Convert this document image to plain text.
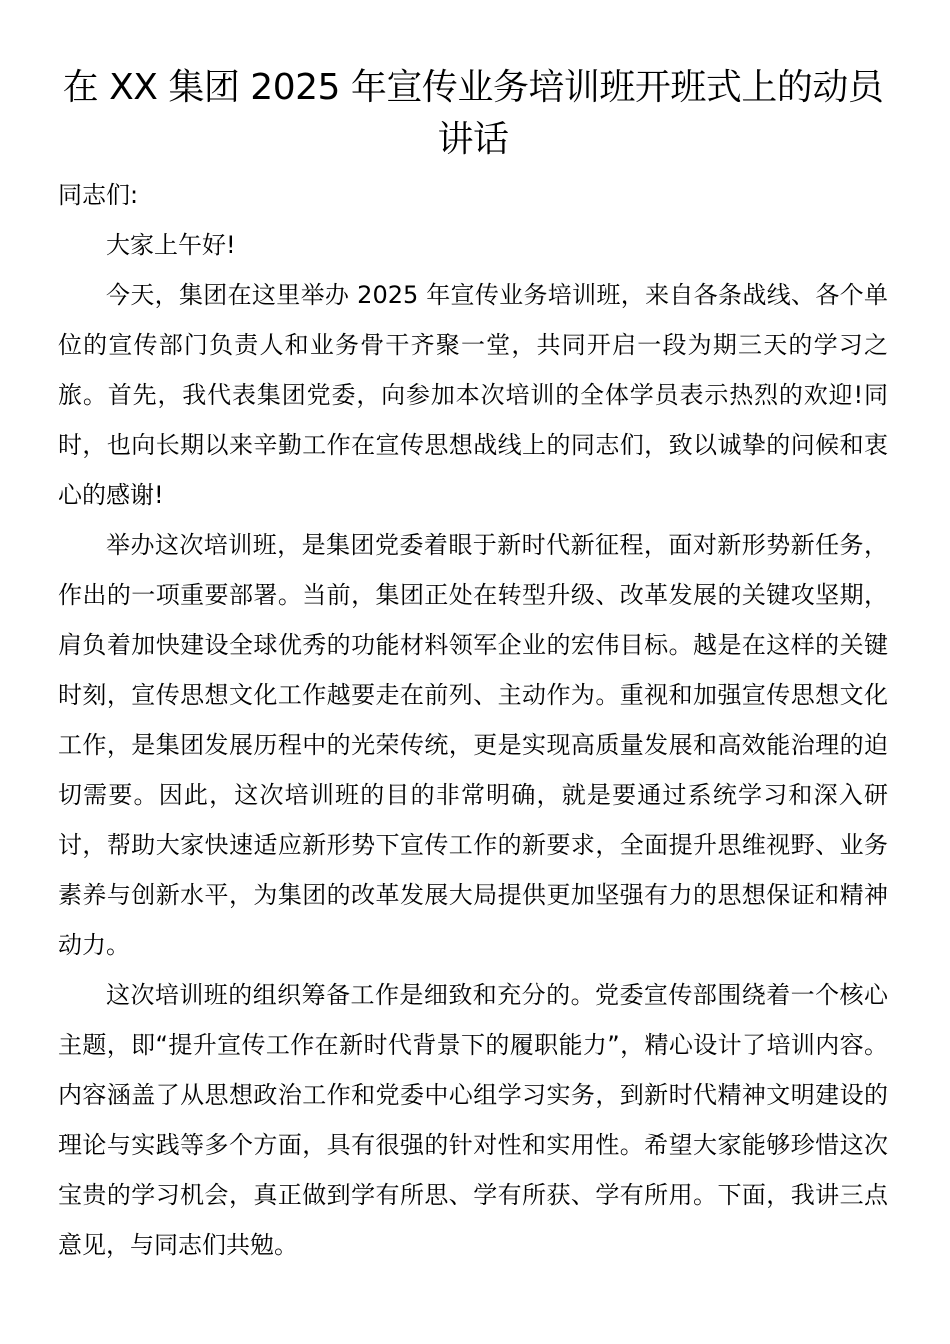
在 XX 集团 2025 年宣传业务培训班开班式上的动员讲话

同志们:

大家上午好!

今天，集团在这里举办 2025 年宣传业务培训班，来自各条战线、各个单位的宣传部门负责人和业务骨干齐聚一堂，共同开启一段为期三天的学习之旅。首先，我代表集团党委，向参加本次培训的全体学员表示热烈的欢迎!同时，也向长期以来辛勤工作在宣传思想战线上的同志们，致以诚挚的问候和衷心的感谢!

举办这次培训班，是集团党委着眼于新时代新征程，面对新形势新任务，作出的一项重要部署。当前，集团正处在转型升级、改革发展的关键攻坚期，肩负着加快建设全球优秀的功能材料领军企业的宏伟目标。越是在这样的关键时刻，宣传思想文化工作越要走在前列、主动作为。重视和加强宣传思想文化工作，是集团发展历程中的光荣传统，更是实现高质量发展和高效能治理的迫切需要。因此，这次培训班的目的非常明确，就是要通过系统学习和深入研讨，帮助大家快速适应新形势下宣传工作的新要求，全面提升思维视野、业务素养与创新水平，为集团的改革发展大局提供更加坚强有力的思想保证和精神动力。

这次培训班的组织筹备工作是细致和充分的。党委宣传部围绕着一个核心主题，即“提升宣传工作在新时代背景下的履职能力”，精心设计了培训内容。内容涵盖了从思想政治工作和党委中心组学习实务，到新时代精神文明建设的理论与实践等多个方面，具有很强的针对性和实用性。希望大家能够珍惜这次宝贵的学习机会，真正做到学有所思、学有所获、学有所用。下面，我讲三点意见，与同志们共勉。
